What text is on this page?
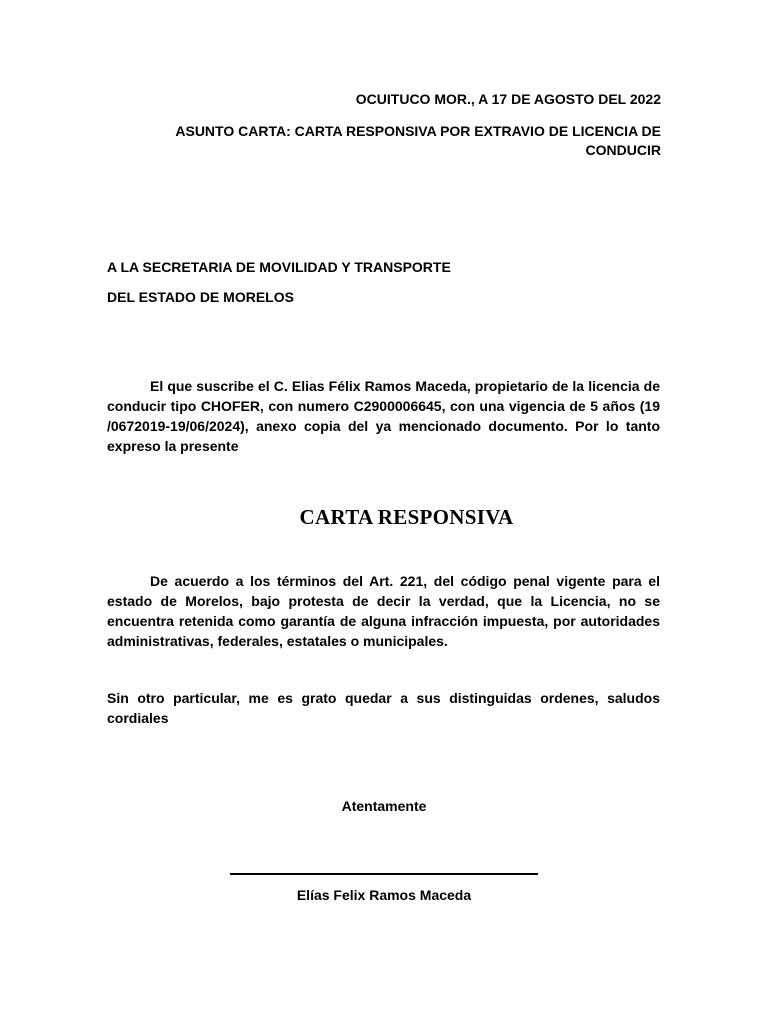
OCUITUCO MOR., A 17 DE AGOSTO DEL 2022
ASUNTO CARTA: CARTA RESPONSIVA POR EXTRAVIO DE LICENCIA DE CONDUCIR
A LA SECRETARIA DE MOVILIDAD Y TRANSPORTE
DEL ESTADO DE MORELOS

El que suscribe el C. Elias Félix Ramos Maceda, propietario de la licencia de conducir tipo CHOFER, con numero C2900006645, con una vigencia de 5 años (19 /0672019-19/06/2024), anexo copia del ya mencionado documento. Por lo tanto expreso la presente

CARTA RESPONSIVA

De acuerdo a los términos del Art. 221, del código penal vigente para el estado de Morelos, bajo protesta de decir la verdad, que la Licencia, no se encuentra retenida como garantía de alguna infracción impuesta, por autoridades administrativas, federales, estatales o municipales.

Sin otro particular, me es grato quedar a sus distinguidas ordenes, saludos cordiales

Atentamente
Elías Felix Ramos Maceda
